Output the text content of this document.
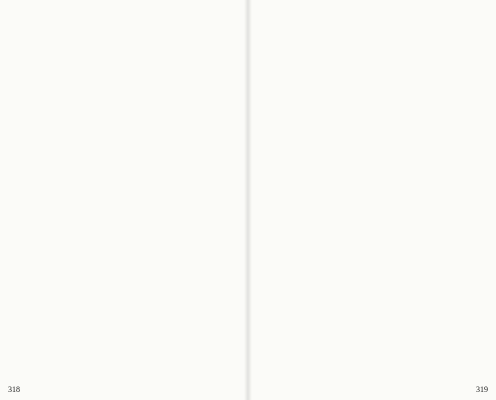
318	319
